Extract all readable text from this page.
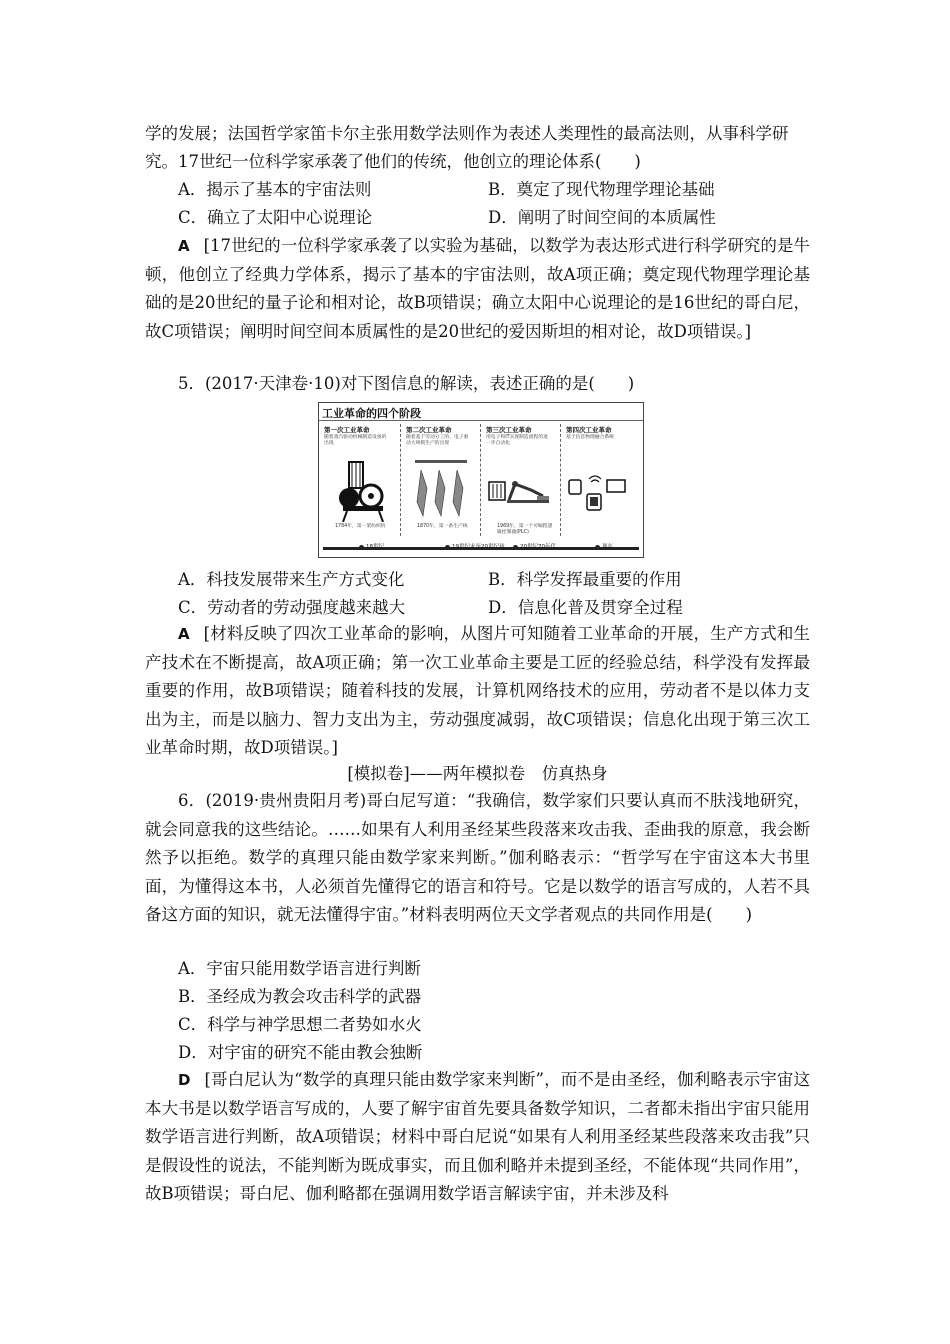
学的发展；法国哲学家笛卡尔主张用数学法则作为表述人类理性的最高法则，从事科学研

究。17世纪一位科学家承袭了他们的传统，他创立的理论体系(　　)

A．揭示了基本的宇宙法则	B．奠定了现代物理学理论基础
C．确立了太阳中心说理论	D．阐明了时间空间的本质属性

A [17世纪的一位科学家承袭了以实验为基础，以数学为表达形式进行科学研究的是牛顿，他创立了经典力学体系，揭示了基本的宇宙法则，故A项正确；奠定现代物理学理论基础的是20世纪的量子论和相对论，故B项错误；确立太阳中心说理论的是16世纪的哥白尼，故C项错误；阐明时间空间本质属性的是20世纪的爱因斯坦的相对论，故D项错误。]

5．(2017·天津卷·10)对下图信息的解读，表述正确的是(　　)

工业革命的四个阶段
第一次工业革命
随着蒸汽驱动机械制造设备的出现
1784年，第一架纺织机
第二次工业革命
随着基于劳动分工的、电子驱动大规模生产的出现
1870年，第一条生产线
第三次工业革命
用电子和IT实现制造流程的进一步自动化
1969年，第一个可编程逻辑控制器(PLC)
第四次工业革命
基于信息物理融合系统
18世纪	19世纪末至20世纪初	20世纪70年代	现在
A．科技发展带来生产方式变化	B．科学发挥最重要的作用
C．劳动者的劳动强度越来越大	D．信息化普及贯穿全过程

A [材料反映了四次工业革命的影响，从图片可知随着工业革命的开展，生产方式和生产技术在不断提高，故A项正确；第一次工业革命主要是工匠的经验总结，科学没有发挥最重要的作用，故B项错误；随着科技的发展，计算机网络技术的应用，劳动者不是以体力支出为主，而是以脑力、智力支出为主，劳动强度减弱，故C项错误；信息化出现于第三次工业革命时期，故D项错误。]

[模拟卷]——两年模拟卷　仿真热身

6．(2019·贵州贵阳月考)哥白尼写道：“我确信，数学家们只要认真而不肤浅地研究，就会同意我的这些结论。……如果有人利用圣经某些段落来攻击我、歪曲我的原意，我会断然予以拒绝。数学的真理只能由数学家来判断。”伽利略表示：“哲学写在宇宙这本大书里面，为懂得这本书，人必须首先懂得它的语言和符号。它是以数学的语言写成的，人若不具备这方面的知识，就无法懂得宇宙。”材料表明两位天文学者观点的共同作用是(　　)

A．宇宙只能用数学语言进行判断
B．圣经成为教会攻击科学的武器
C．科学与神学思想二者势如水火
D．对宇宙的研究不能由教会独断

D [哥白尼认为“数学的真理只能由数学家来判断”，而不是由圣经，伽利略表示宇宙这本大书是以数学语言写成的，人要了解宇宙首先要具备数学知识，二者都未指出宇宙只能用数学语言进行判断，故A项错误；材料中哥白尼说“如果有人利用圣经某些段落来攻击我”只是假设性的说法，不能判断为既成事实，而且伽利略并未提到圣经，不能体现“共同作用”，故B项错误；哥白尼、伽利略都在强调用数学语言解读宇宙，并未涉及科
